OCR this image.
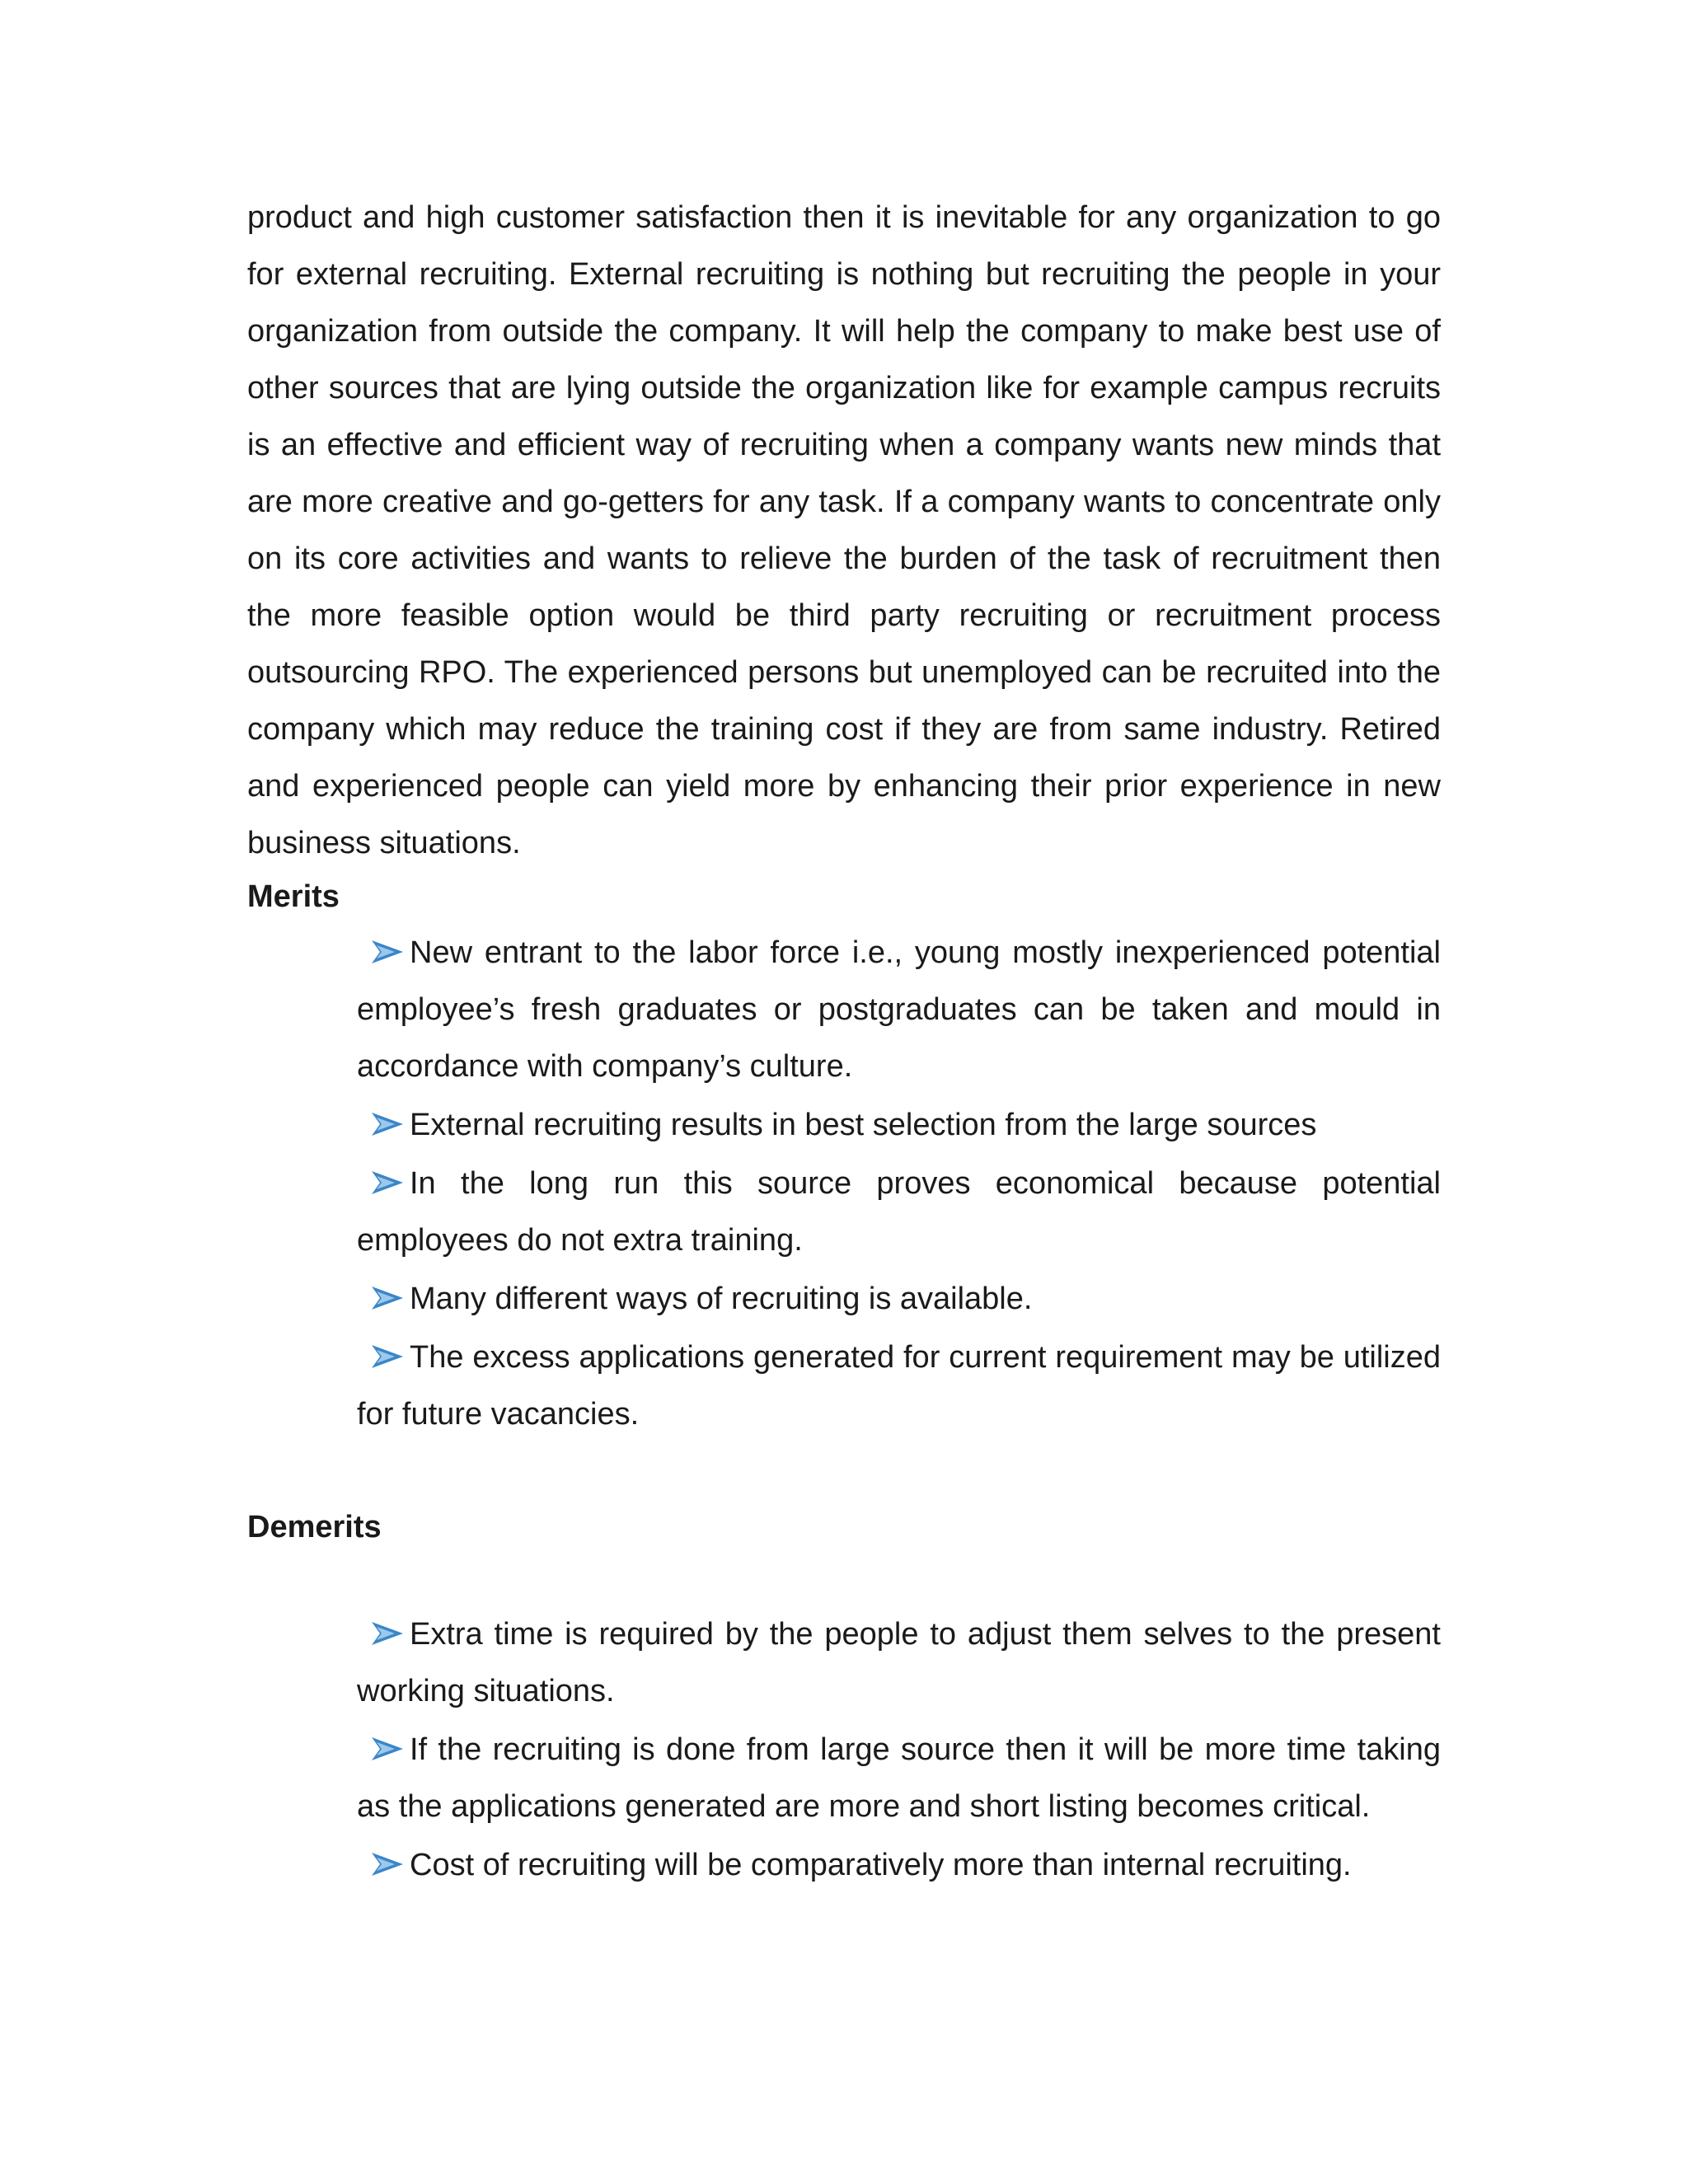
product and high customer satisfaction then it is inevitable for any organization to go for external recruiting. External recruiting is nothing but recruiting the people in your organization from outside the company. It will help the company to make best use of other sources that are lying outside the organization like for example campus recruits is an effective and efficient way of recruiting when a company wants new minds that are more creative and go-getters for any task. If a company wants to concentrate only on its core activities and wants to relieve the burden of the task of recruitment then the more feasible option would be third party recruiting or recruitment process outsourcing RPO. The experienced persons but unemployed can be recruited into the company which may reduce the training cost if they are from same industry. Retired and experienced people can yield more by enhancing their prior experience in new business situations.

Merits

New entrant to the labor force i.e., young mostly inexperienced potential employee’s fresh graduates or postgraduates can be taken and mould in accordance with company’s culture.
External recruiting results in best selection from the large sources
In the long run this source proves economical because potential employees do not extra training.
Many different ways of recruiting is available.
The excess applications generated for current requirement may be utilized for future vacancies.

Demerits

Extra time is required by the people to adjust them selves to the present working situations.
If the recruiting is done from large source then it will be more time taking as the applications generated are more and short listing becomes critical.
Cost of recruiting will be comparatively more than internal recruiting.
